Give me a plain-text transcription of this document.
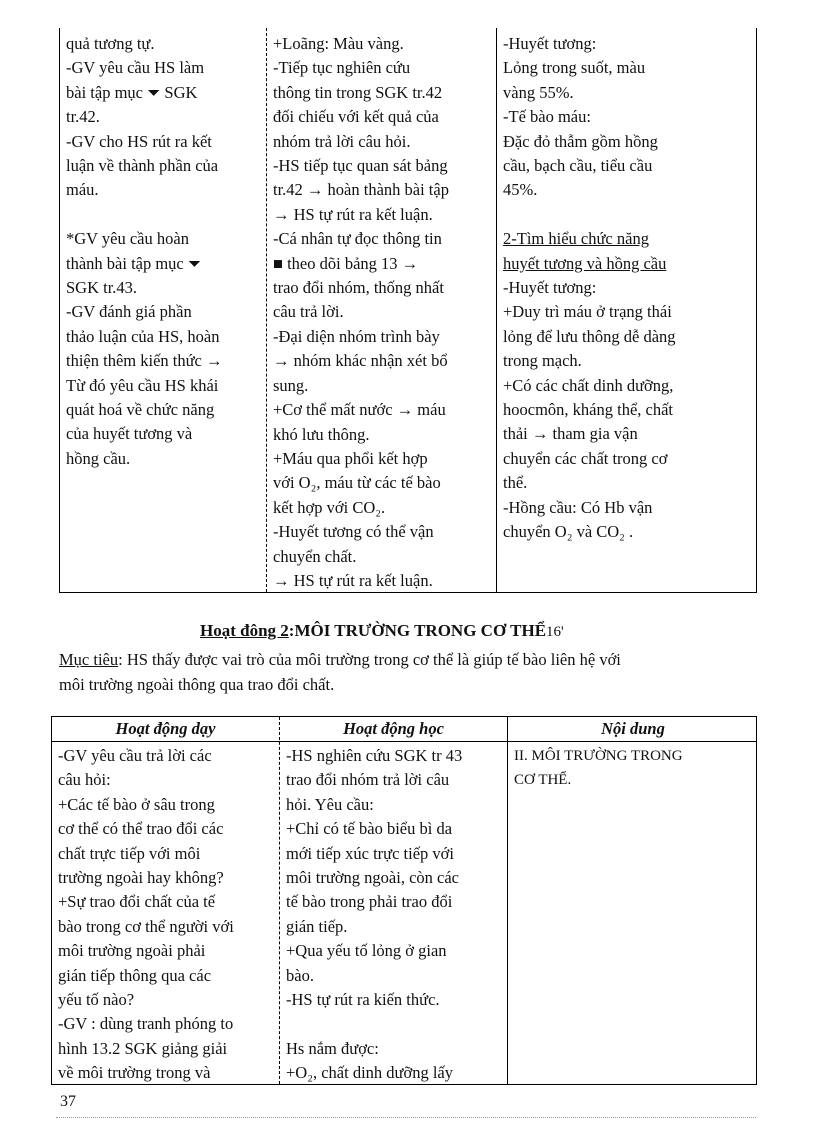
quả tương tự.
-GV yêu cầu HS làm
bài tập mục ⏷ SGK
tr.42.
-GV cho HS rút ra kết
luận về thành phần của
máu.
*GV yêu cầu hoàn
thành bài tập mục ⏷
SGK tr.43.
-GV đánh giá phần
thảo luận của HS, hoàn
thiện thêm kiến thức →
Từ đó yêu cầu HS khái
quát hoá về chức năng
của huyết tương và
hồng cầu.
+Loãng: Màu vàng.
-Tiếp tục nghiên cứu
thông tin trong SGK tr.42
đối chiếu với kết quả của
nhóm trả lời câu hỏi.
-HS tiếp tục quan sát bảng
tr.42 → hoàn thành bài tập
→ HS tự rút ra kết luận.
-Cá nhân tự đọc thông tin
■ theo dõi bảng 13 →
trao đổi nhóm, thống nhất
câu trả lời.
-Đại diện nhóm trình bày
→ nhóm khác nhận xét bổ
sung.
+Cơ thể mất nước → máu
khó lưu thông.
+Máu qua phổi kết hợp
với O₂, máu từ các tế bào
kết hợp với CO₂.
-Huyết tương có thể vận
chuyển chất.
→ HS tự rút ra kết luận.
-Huyết tương:
Lỏng trong suốt, màu
vàng 55%.
-Tế bào máu:
Đặc đỏ thẫm gồm hồng
cầu, bạch cầu, tiểu cầu
45%.
2-Tìm hiểu chức năng
huyết tương và hồng cầu
-Huyết tương:
+Duy trì máu ở trạng thái
lỏng để lưu thông dễ dàng
trong mạch.
+Có các chất dinh dưỡng,
hoocmôn, kháng thể, chất
thải → tham gia vận
chuyển các chất trong cơ
thể.
-Hồng cầu: Có Hb vận
chuyển O₂ và CO₂ .
Hoạt đông 2:MÔI TRƯỜNG TRONG CƠ THỂ16'
Mục tiêu: HS thấy được vai trò của môi trường trong cơ thể là giúp tế bào liên hệ với
môi trường ngoài thông qua trao đổi chất.
Hoạt động dạy	Hoạt động học	Nội dung
-GV yêu cầu trả lời các
câu hỏi:
+Các tế bào ở sâu trong
cơ thể có thể trao đổi các
chất trực tiếp với môi
trường ngoài hay không?
+Sự trao đổi chất của tế
bào trong cơ thể người với
môi trường ngoài phải
gián tiếp thông qua các
yếu tố nào?
-GV : dùng tranh phóng to
hình 13.2 SGK giảng giải
về môi trường trong và
-HS nghiên cứu SGK tr 43
trao đổi nhóm trả lời câu
hỏi. Yêu cầu:
+Chỉ có tế bào biểu bì da
mới tiếp xúc trực tiếp với
môi trường ngoài, còn các
tế bào trong phải trao đổi
gián tiếp.
+Qua yếu tố lỏng ở gian
bào.
-HS tự rút ra kiến thức.
Hs nắm được:
+O₂, chất dinh dưỡng lấy
II. MÔI TRƯỜNG TRONG
CƠ THỂ.
37
